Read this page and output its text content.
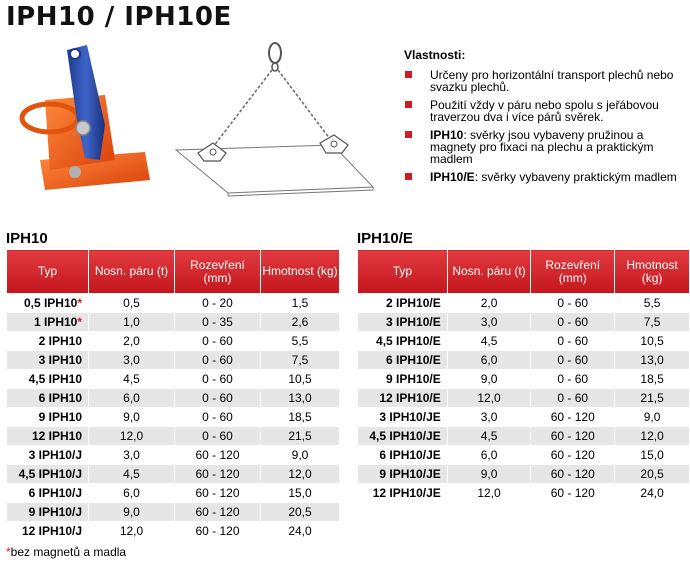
IPH10 / IPH10E
Vlastnosti:
Určeny pro horizontální transport plechů nebo svazku plechů.
Použití vždy v páru nebo spolu s jeřábovou traverzou dva i více párů svěrek.
IPH10: svěrky jsou vybaveny pružinou a magnety pro fixaci na plechu a praktickým madlem
IPH10/E: svěrky vybaveny praktickým madlem
IPH10
Typ	Nosn. páru (t)	Rozevření (mm)	Hmotnost (kg)
0,5 IPH10*	0,5	0 - 20	1,5
1 IPH10*	1,0	0 - 35	2,6
2 IPH10	2,0	0 - 60	5,5
3 IPH10	3,0	0 - 60	7,5
4,5 IPH10	4,5	0 - 60	10,5
6 IPH10	6,0	0 - 60	13,0
9 IPH10	9,0	0 - 60	18,5
12 IPH10	12,0	0 - 60	21,5
3 IPH10/J	3,0	60 - 120	9,0
4,5 IPH10/J	4,5	60 - 120	12,0
6 IPH10/J	6,0	60 - 120	15,0
9 IPH10/J	9,0	60 - 120	20,5
12 IPH10/J	12,0	60 - 120	24,0
IPH10/E
Typ	Nosn. páru (t)	Rozevření (mm)	Hmotnost (kg)
2 IPH10/E	2,0	0 - 60	5,5
3 IPH10/E	3,0	0 - 60	7,5
4,5 IPH10/E	4,5	0 - 60	10,5
6 IPH10/E	6,0	0 - 60	13,0
9 IPH10/E	9,0	0 - 60	18,5
12 IPH10/E	12,0	0 - 60	21,5
3 IPH10/JE	3,0	60 - 120	9,0
4,5 IPH10/JE	4,5	60 - 120	12,0
6 IPH10/JE	6,0	60 - 120	15,0
9 IPH10/JE	9,0	60 - 120	20,5
12 IPH10/JE	12,0	60 - 120	24,0
*bez magnetů a madla
